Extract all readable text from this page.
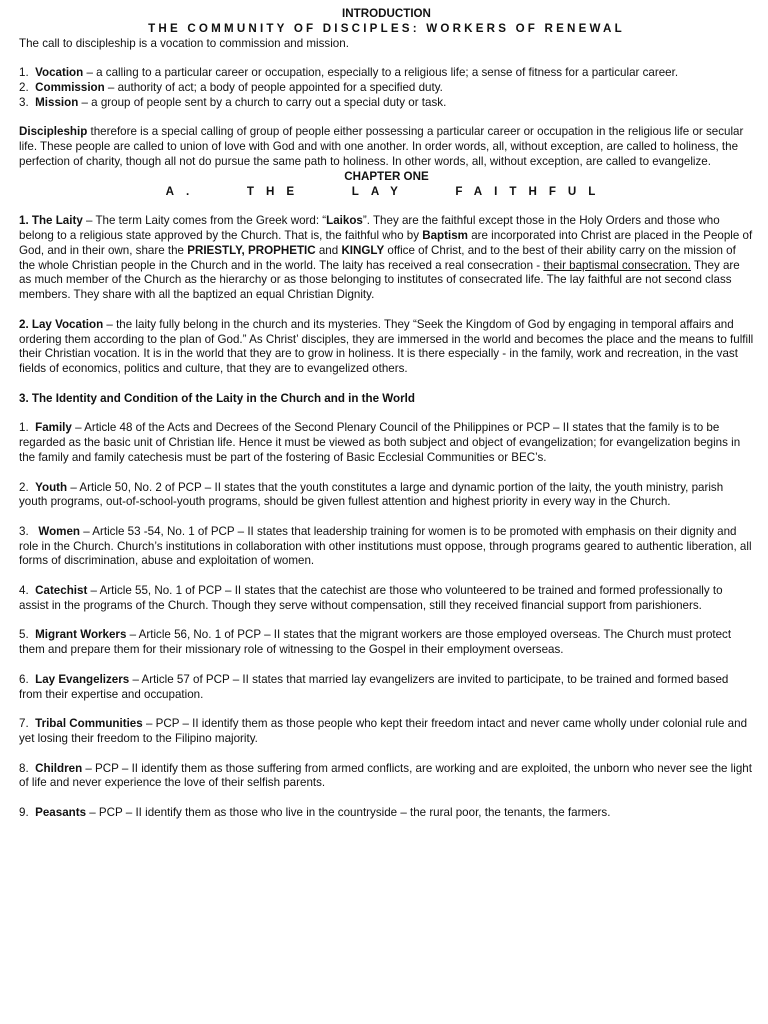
INTRODUCTION

THE COMMUNITY OF DISCIPLES: WORKERS OF RENEWAL

The call to discipleship is a vocation to commission and mission.

1. Vocation – a calling to a particular career or occupation, especially to a religious life; a sense of fitness for a particular career.

2. Commission – authority of act; a body of people appointed for a specified duty.

3. Mission – a group of people sent by a church to carry out a special duty or task.

Discipleship therefore is a special calling of group of people either possessing a particular career or occupation in the religious life or secular life. These people are called to union of love with God and with one another. In order words, all, without exception, are called to holiness, the perfection of charity, though all not do pursue the same path to holiness. In other words, all, without exception, are called to evangelize.

CHAPTER ONE

A.   THE   LAY   FAITHFUL

1. The Laity – The term Laity comes from the Greek word: “Laikos”. They are the faithful except those in the Holy Orders and those who belong to a religious state approved by the Church. That is, the faithful who by Baptism are incorporated into Christ are placed in the People of God, and in their own, share the PRIESTLY, PROPHETIC and KINGLY office of Christ, and to the best of their ability carry on the mission of the whole Christian people in the Church and in the world. The laity has received a real consecration - their baptismal consecration. They are as much member of the Church as the hierarchy or as those belonging to institutes of consecrated life. The lay faithful are not second class members. They share with all the baptized an equal Christian Dignity.

2. Lay Vocation – the laity fully belong in the church and its mysteries. They “Seek the Kingdom of God by engaging in temporal affairs and ordering them according to the plan of God.” As Christ’ disciples, they are immersed in the world and becomes the place and the means to fulfill their Christian vocation. It is in the world that they are to grow in holiness. It is there especially - in the family, work and recreation, in the vast fields of economics, politics and culture, that they are to evangelized others.

3. The Identity and Condition of the Laity in the Church and in the World

1. Family – Article 48 of the Acts and Decrees of the Second Plenary Council of the Philippines or PCP – II states that the family is to be regarded as the basic unit of Christian life. Hence it must be viewed as both subject and object of evangelization; for evangelization begins in the family and family catechesis must be part of the fostering of Basic Ecclesial Communities or BEC’s.

2. Youth – Article 50, No. 2 of PCP – II states that the youth constitutes a large and dynamic portion of the laity, the youth ministry, parish youth programs, out-of-school-youth programs, should be given fullest attention and highest priority in every way in the Church.

3. Women – Article 53 -54, No. 1 of PCP – II states that leadership training for women is to be promoted with emphasis on their dignity and role in the Church. Church’s institutions in collaboration with other institutions must oppose, through programs geared to authentic liberation, all forms of discrimination, abuse and exploitation of women.

4. Catechist – Article 55, No. 1 of PCP – II states that the catechist are those who volunteered to be trained and formed professionally to assist in the programs of the Church. Though they serve without compensation, still they received financial support from parishioners.

5. Migrant Workers – Article 56, No. 1 of PCP – II states that the migrant workers are those employed overseas. The Church must protect them and prepare them for their missionary role of witnessing to the Gospel in their employment overseas.

6. Lay Evangelizers – Article 57 of PCP – II states that married lay evangelizers are invited to participate, to be trained and formed based from their expertise and occupation.

7. Tribal Communities – PCP – II identify them as those people who kept their freedom intact and never came wholly under colonial rule and yet losing their freedom to the Filipino majority.

8. Children – PCP – II identify them as those suffering from armed conflicts, are working and are exploited, the unborn who never see the light of life and never experience the love of their selfish parents.

9. Peasants – PCP – II identify them as those who live in the countryside – the rural poor, the tenants, the farmers.
